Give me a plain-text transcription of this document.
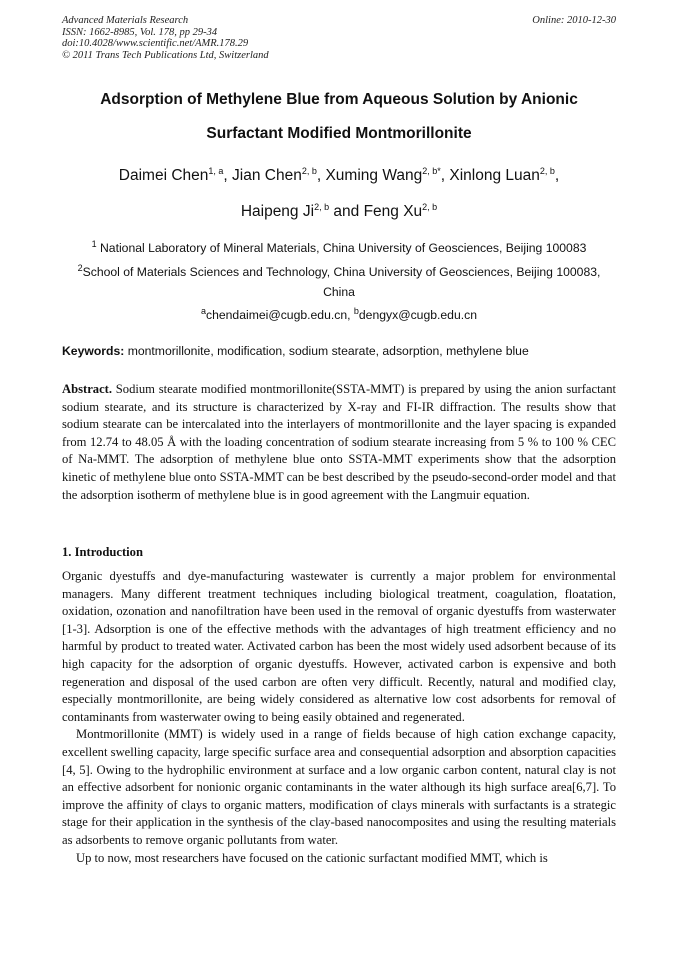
Advanced Materials Research
ISSN: 1662-8985, Vol. 178, pp 29-34
doi:10.4028/www.scientific.net/AMR.178.29
© 2011 Trans Tech Publications Ltd, Switzerland
Online: 2010-12-30
Adsorption of Methylene Blue from Aqueous Solution by Anionic
Surfactant Modified Montmorillonite
Daimei Chen$^{1, a}$, Jian Chen$^{2, b}$, Xuming Wang$^{2, b*}$, Xinlong Luan$^{2, b}$,
Haipeng Ji$^{2, b}$ and Feng Xu$^{2, b}$
$^1$ National Laboratory of Mineral Materials, China University of Geosciences, Beijing 100083
$^2$School of Materials Sciences and Technology, China University of Geosciences, Beijing 100083, China
$^a$chendaimei@cugb.edu.cn, $^b$dengyx@cugb.edu.cn
Keywords: montmorillonite, modification, sodium stearate, adsorption, methylene blue
Abstract. Sodium stearate modified montmorillonite(SSTA-MMT) is prepared by using the anion surfactant sodium stearate, and its structure is characterized by X-ray and FI-IR diffraction. The results show that sodium stearate can be intercalated into the interlayers of montmorillonite and the layer spacing is expanded from 12.74 to 48.05 Å with the loading concentration of sodium stearate increasing from 5 % to 100 % CEC of Na-MMT. The adsorption of methylene blue onto SSTA-MMT experiments show that the adsorption kinetic of methylene blue onto SSTA-MMT can be best described by the pseudo-second-order model and that the adsorption isotherm of methylene blue is in good agreement with the Langmuir equation.
1. Introduction

Organic dyestuffs and dye-manufacturing wastewater is currently a major problem for environmental managers. Many different treatment techniques including biological treatment, coagulation, floatation, oxidation, ozonation and nanofiltration have been used in the removal of organic dyestuffs from wasterwater [1-3]. Adsorption is one of the effective methods with the advantages of high treatment efficiency and no harmful by product to treated water. Activated carbon has been the most widely used adsorbent because of its high capacity for the adsorption of organic dyestuffs. However, activated carbon is expensive and both regeneration and disposal of the used carbon are often very difficult. Recently, natural and modified clay, especially montmorillonite, are being widely considered as alternative low cost adsorbents for removal of contaminants from wasterwater owing to being easily obtained and regenerated.

Montmorillonite (MMT) is widely used in a range of fields because of high cation exchange capacity, excellent swelling capacity, large specific surface area and consequential adsorption and absorption capacities [4, 5]. Owing to the hydrophilic environment at surface and a low organic carbon content, natural clay is not an effective adsorbent for nonionic organic contaminants in the water although its high surface area[6,7]. To improve the affinity of clays to organic matters, modification of clays minerals with surfactants is a strategic stage for their application in the synthesis of the clay-based nanocomposites and using the resulting materials as adsorbents to remove organic pollutants from water.

Up to now, most researchers have focused on the cationic surfactant modified MMT, which is
